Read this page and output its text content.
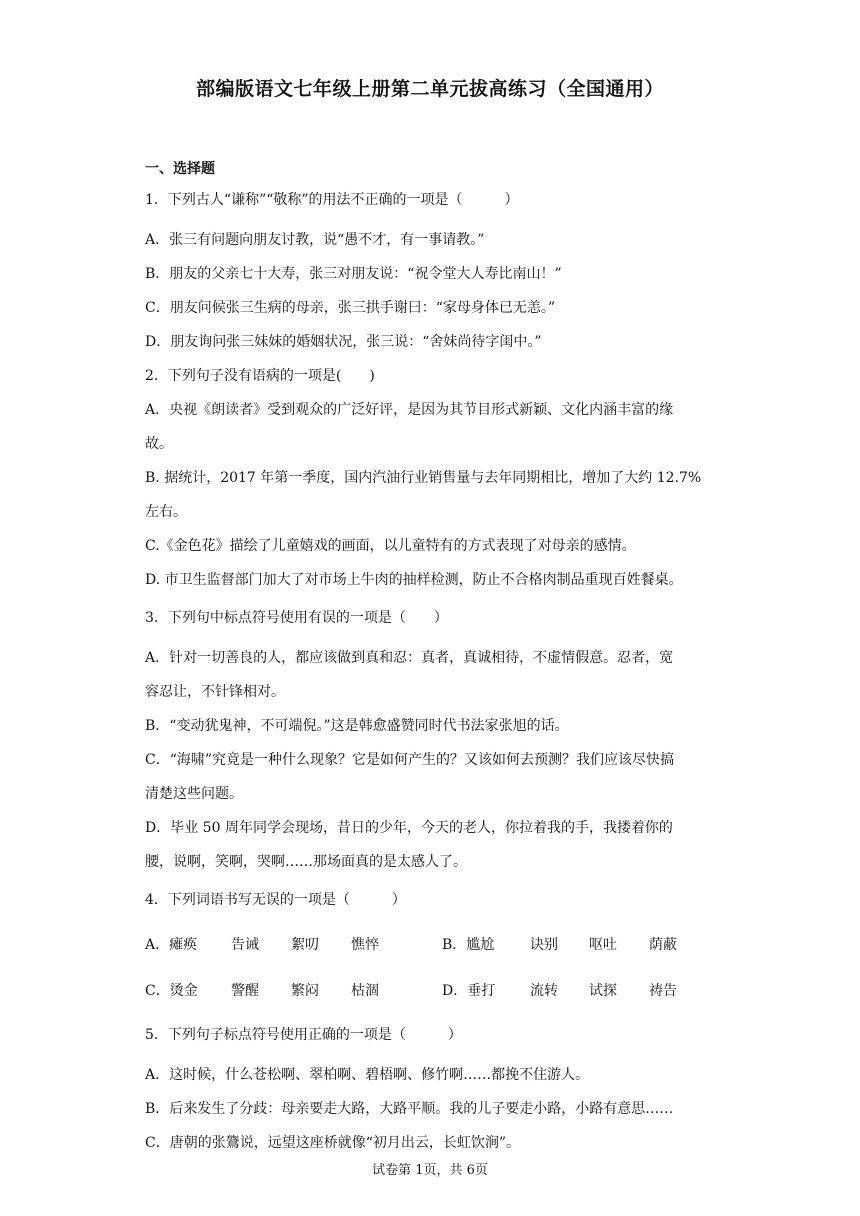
部编版语文七年级上册第二单元拔高练习（全国通用）
一、选择题
1．下列古人“谦称”“敬称”的用法不正确的一项是（　　　）
A．张三有问题向朋友讨教，说“愚不才，有一事请教。”
B．朋友的父亲七十大寿，张三对朋友说：“祝令堂大人寿比南山！”
C．朋友问候张三生病的母亲，张三拱手谢曰：“家母身体已无恙。”
D．朋友询问张三妹妹的婚姻状况，张三说：“舍妹尚待字闺中。”
2．下列句子没有语病的一项是(　　)
A．央视《朗读者》受到观众的广泛好评，是因为其节目形式新颖、文化内涵丰富的缘
故。
B. 据统计，2017 年第一季度，国内汽油行业销售量与去年同期相比，增加了大约 12.7%
左右。
C.《金色花》描绘了儿童嬉戏的画面，以儿童特有的方式表现了对母亲的感情。
D. 市卫生监督部门加大了对市场上牛肉的抽样检测，防止不合格肉制品重现百姓餐桌。
3．下列句中标点符号使用有误的一项是（　　）
A．针对一切善良的人，都应该做到真和忍：真者，真诚相待，不虚情假意。忍者，宽
容忍让，不针锋相对。
B．“变动犹鬼神，不可端倪。”这是韩愈盛赞同时代书法家张旭的话。
C．“海啸”究竟是一种什么现象？它是如何产生的？又该如何去预测？我们应该尽快搞
清楚这些问题。
D．毕业 50 周年同学会现场，昔日的少年，今天的老人，你拉着我的手，我搂着你的
腰，说啊，笑啊，哭啊……那场面真的是太感人了。
4．下列词语书写无误的一项是（　　　）
A．瘫痪 告诫 絮叨 憔悴	B．尴尬	诀别 呕吐 荫蔽
C．烫金 警醒 繁闷 枯涸	D．垂打 流转 试探 祷告
5．下列句子标点符号使用正确的一项是（　　　）
A．这时候，什么苍松啊、翠柏啊、碧梧啊、修竹啊……都挽不住游人。
B．后来发生了分歧：母亲要走大路，大路平顺。我的儿子要走小路，小路有意思……
C．唐朝的张鷟说，远望这座桥就像“初月出云，长虹饮涧”。
试卷第 1页，共 6页
